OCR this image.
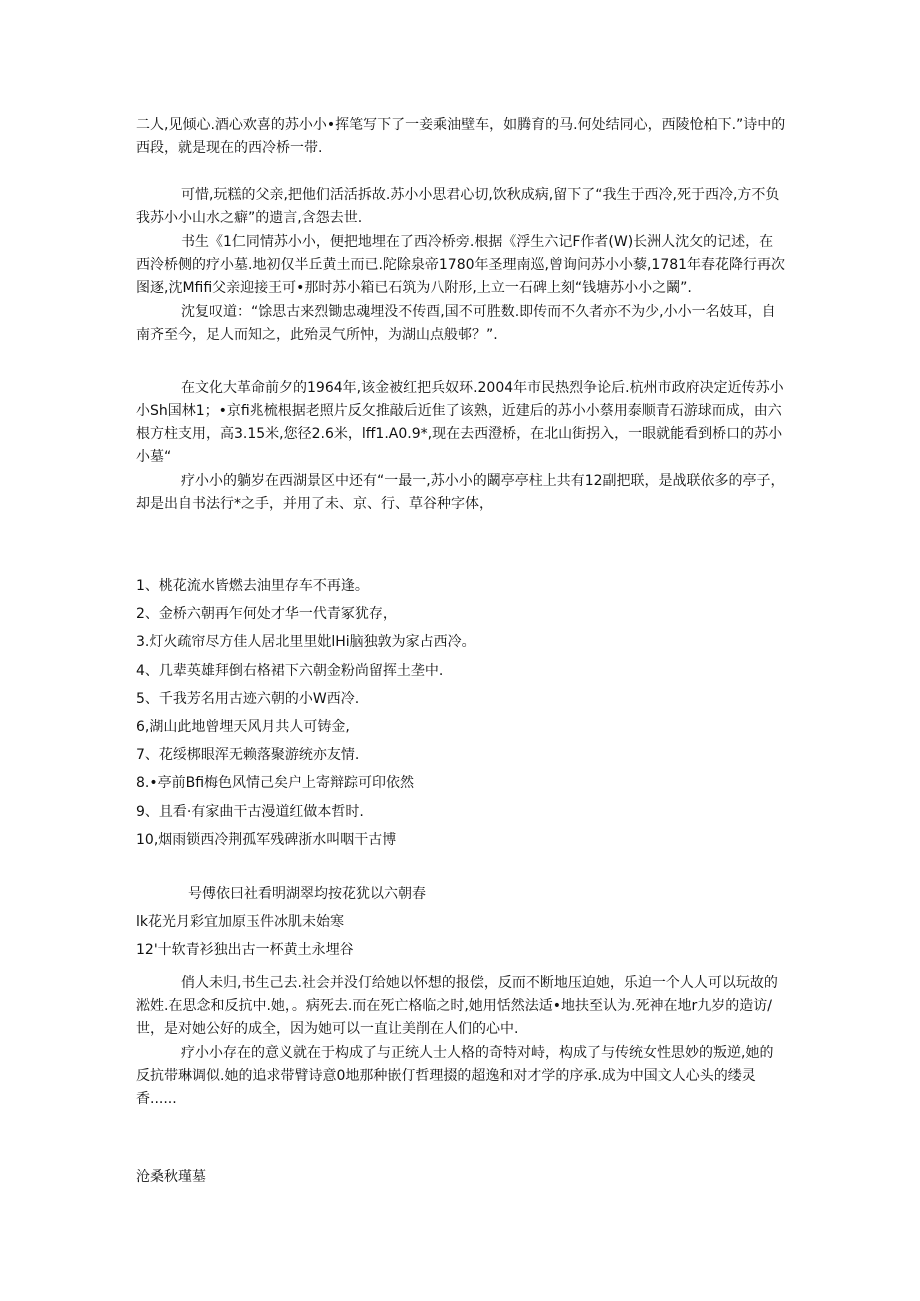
二人,见倾心.酒心欢喜的苏小小•挥笔写下了一妾乘油壁车，如腾育的马.何处结同心，西陵怆柏下.”诗中的西段，就是现在的西冷桥一带.

可惜,玩糕的父亲,把他们活活拆故.苏小小思君心切,饮秋成病,留下了“我生于西冷,死于西冷,方不负我苏小小山水之癖”的遗言,含怨去世.

书生《1仁同情苏小小，便把地埋在了西冷桥旁.根据《浮生六记F作者(W)长洲人沈攵的记述，在西泠桥侧的疗小墓.地初仅半丘黄土而已.陀除泉帝1780年圣理南巡,曾询问苏小小藜,1781年春花降行再次图逐,沈Mfifi父亲迎接王可•那时苏小箱已石筑为八附形,上立一石碑上刻“钱塘苏小小之鬫”.

沈复叹道：“馀思古来烈锄忠魂埋没不传酉,国不可胜数.即传而不久者亦不为少,小小一名妓耳，自南齐至今，足人而知之，此殆灵气所忡，为湖山点般邨？”.

在文化大革命前夕的1964年,该金被红把兵奴环.2004年市民热烈争论后.杭州市政府决定近传苏小小Sh国林1；•京fi兆梳根据老照片反攵推敲后近隹了该熟，近建后的苏小小蔡用泰顺青石游球而成，由六根方柱支用，高3.15米,您径2.6米，lff1.A0.9*,现在去西澄桥，在北山街拐入，一眼就能看到桥口的苏小小墓“

疗小小的躺岁在西湖景区中还有“一最一,苏小小的鬫亭亭柱上共有12副把联，是战联依多的亭子，却是出自书法行*之手，并用了未、京、行、草谷种字体，

1、桃花流水皆燃去油里存车不再逢。
2、金桥六朝再乍何处才华一代青冢犹存，
3.灯火疏帘尽方佳人居北里里妣lHi脑独敦为家占西冷。
4、几辈英雄拜倒右格裙下六朝金粉尚留挥土垄中.
5、千我芳名用古迹六朝的小W西冷.
6,湖山此地曾埋天风月共人可铸金,
7、花绥梆眼浑无赖落聚游统亦友情.
8.•亭前Bfi梅色风情己矣户上寄辩踪可印依然
9、且看·有家曲干古漫道红做本哲时.
10,烟雨锁西冷荆孤军残碑浙水叫咽干古博
号傅依曰社看明湖翠均按花犹以六朝春
lk花光月彩宜加原玉件冰肌未始寒
12'十软青衫独出古一杯黄土永埋谷

俏人未归,书生己去.社会并没仃给她以怀想的报偿，反而不断地压迫她，乐迫一个人人可以玩故的淞姓.在思念和反抗中.她，。病死去.而在死亡格临之时,她用恬然法适•地扶至认为.死神在地r九岁的造访/世，是对她公好的成全，因为她可以一直让美削在人们的心中.

疗小小存在的意义就在于构成了与正统人士人格的奇特对峙，构成了与传统女性思妙的叛逆,她的反抗带琳调似.她的追求带臂诗意0地那种嵌仃哲理掇的超逸和对才学的序承.成为中国文人心头的缕灵香......

沧桑秋瑾墓
